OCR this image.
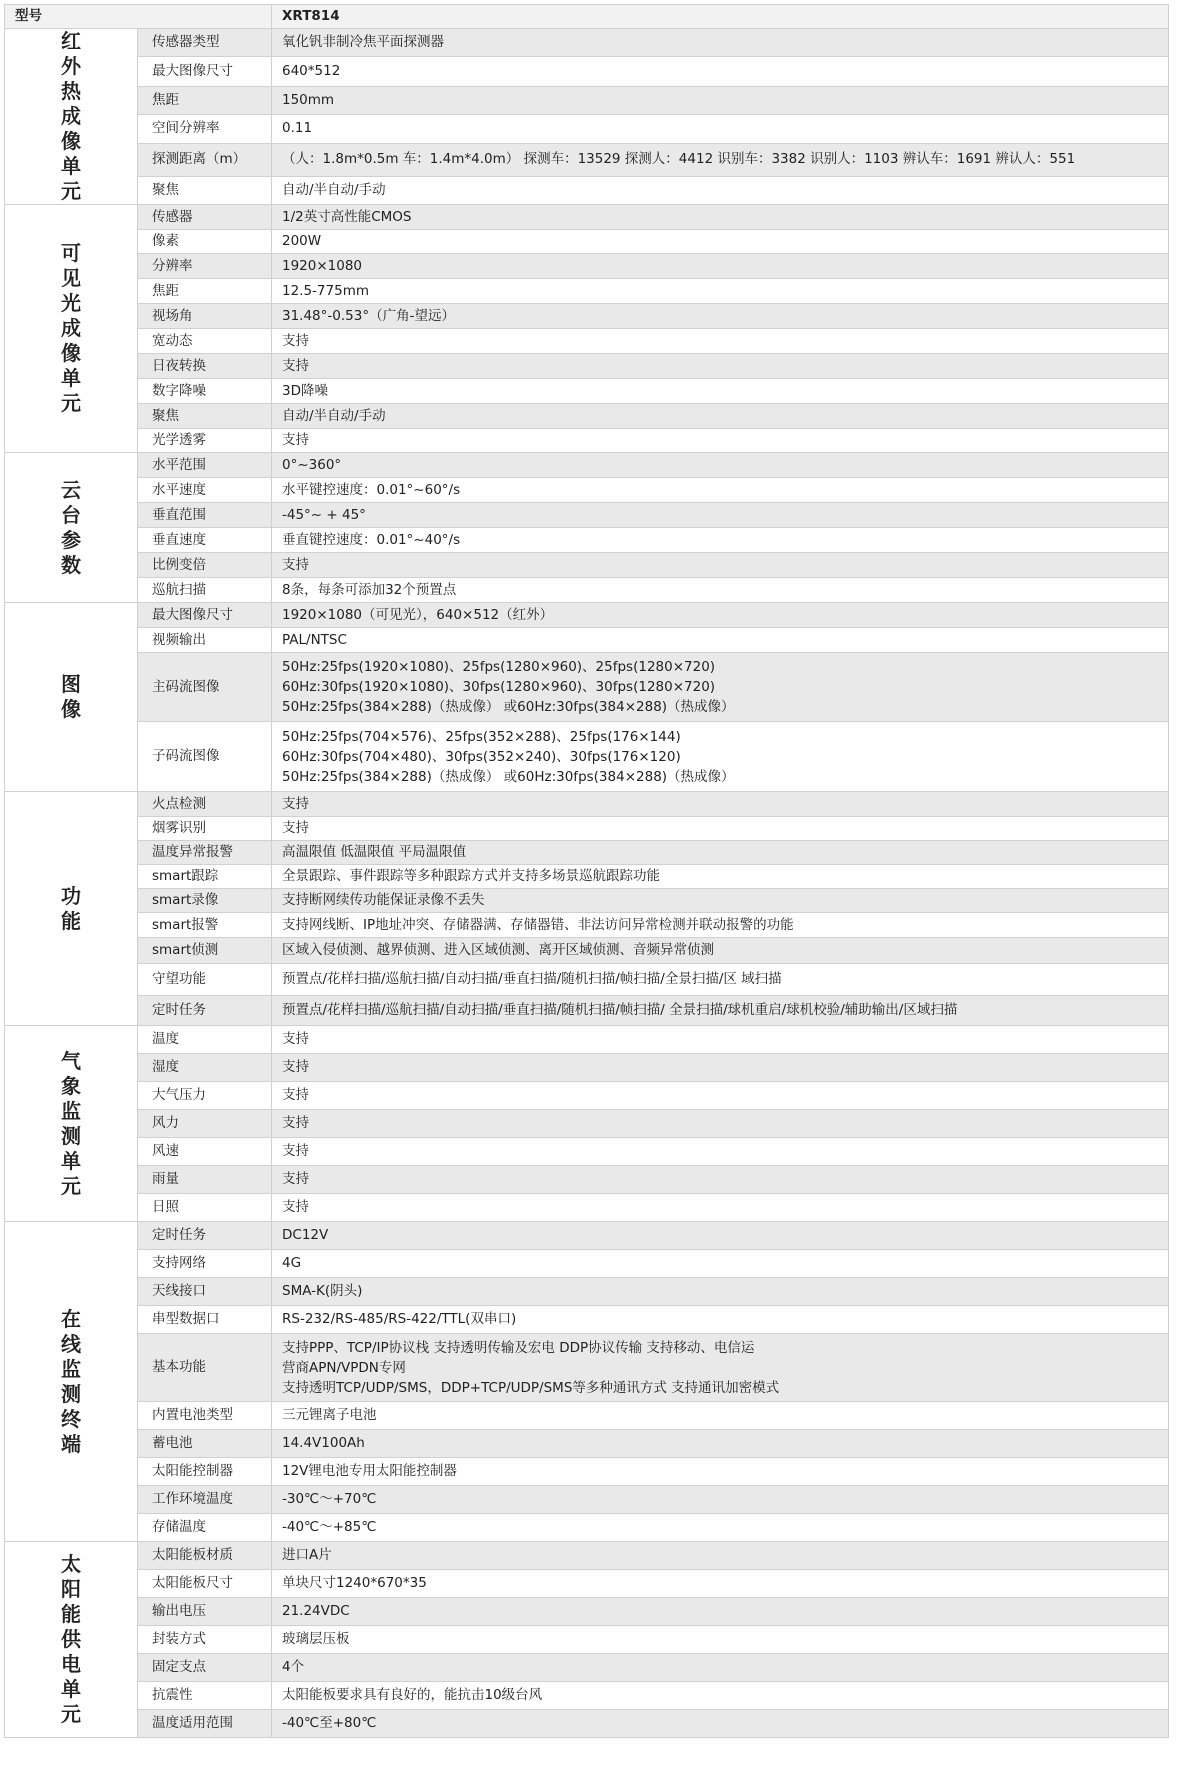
型号		XRT814
红外热成像单元	传感器类型	氧化钒非制冷焦平面探测器

	最大图像尺寸	640*512

	焦距	150mm

	空间分辨率	0.11

	探测距离（m）	（人：1.8m*0.5m 车：1.4m*4.0m） 探测车：13529 探测人：4412 识别车：3382 识别人：1103 辨认车：1691 辨认人：551

	聚焦	自动/半自动/手动

可见光成像单元	传感器	1/2英寸高性能CMOS

	像素	200W

	分辨率	1920×1080

	焦距	12.5-775mm

	视场角	31.48°-0.53°（广角-望远）

	宽动态	支持

	日夜转换	支持

	数字降噪	3D降噪

	聚焦	自动/半自动/手动

	光学透雾	支持

云台参数	水平范围	0°~360°

	水平速度	水平键控速度：0.01°~60°/s

	垂直范围	-45°~ + 45°

	垂直速度	垂直键控速度：0.01°~40°/s

	比例变倍	支持

	巡航扫描	8条，每条可添加32个预置点

图像	最大图像尺寸	1920×1080（可见光），640×512（红外）

	视频输出	PAL/NTSC

	主码流图像	50Hz:25fps(1920×1080)、25fps(1280×960)、25fps(1280×720)
60Hz:30fps(1920×1080)、30fps(1280×960)、30fps(1280×720)
50Hz:25fps(384×288)（热成像） 或60Hz:30fps(384×288)（热成像）

	子码流图像	50Hz:25fps(704×576)、25fps(352×288)、25fps(176×144)
60Hz:30fps(704×480)、30fps(352×240)、30fps(176×120)
50Hz:25fps(384×288)（热成像） 或60Hz:30fps(384×288)（热成像）

功能	火点检测	支持

	烟雾识别	支持

	温度异常报警	高温限值 低温限值 平局温限值

	smart跟踪	全景跟踪、事件跟踪等多种跟踪方式并支持多场景巡航跟踪功能

	smart录像	支持断网续传功能保证录像不丢失

	smart报警	支持网线断、IP地址冲突、存储器满、存储器错、非法访问异常检测并联动报警的功能

	smart侦测	区域入侵侦测、越界侦测、进入区域侦测、离开区域侦测、音频异常侦测

	守望功能	预置点/花样扫描/巡航扫描/自动扫描/垂直扫描/随机扫描/帧扫描/全景扫描/区 域扫描

	定时任务	预置点/花样扫描/巡航扫描/自动扫描/垂直扫描/随机扫描/帧扫描/ 全景扫描/球机重启/球机校验/辅助输出/区域扫描

气象监测单元	温度	支持

	湿度	支持

	大气压力	支持

	风力	支持

	风速	支持

	雨量	支持

	日照	支持

在线监测终端	定时任务	DC12V

	支持网络	4G

	天线接口	SMA-K(阴头)

	串型数据口	RS-232/RS-485/RS-422/TTL(双串口)

	基本功能	支持PPP、TCP/IP协议栈 支持透明传输及宏电 DDP协议传输 支持移动、电信运
营商APN/VPDN专网
支持透明TCP/UDP/SMS，DDP+TCP/UDP/SMS等多种通讯方式 支持通讯加密模式

	内置电池类型	三元锂离子电池

	蓄电池	14.4V100Ah

	太阳能控制器	12V锂电池专用太阳能控制器

	工作环境温度	-30℃～+70℃

	存储温度	-40℃～+85℃

太阳能供电单元	太阳能板材质	进口A片

	太阳能板尺寸	单块尺寸1240*670*35

	输出电压	21.24VDC

	封装方式	玻璃层压板

	固定支点	4个

	抗震性	太阳能板要求具有良好的，能抗击10级台风

	温度适用范围	-40℃至+80℃
